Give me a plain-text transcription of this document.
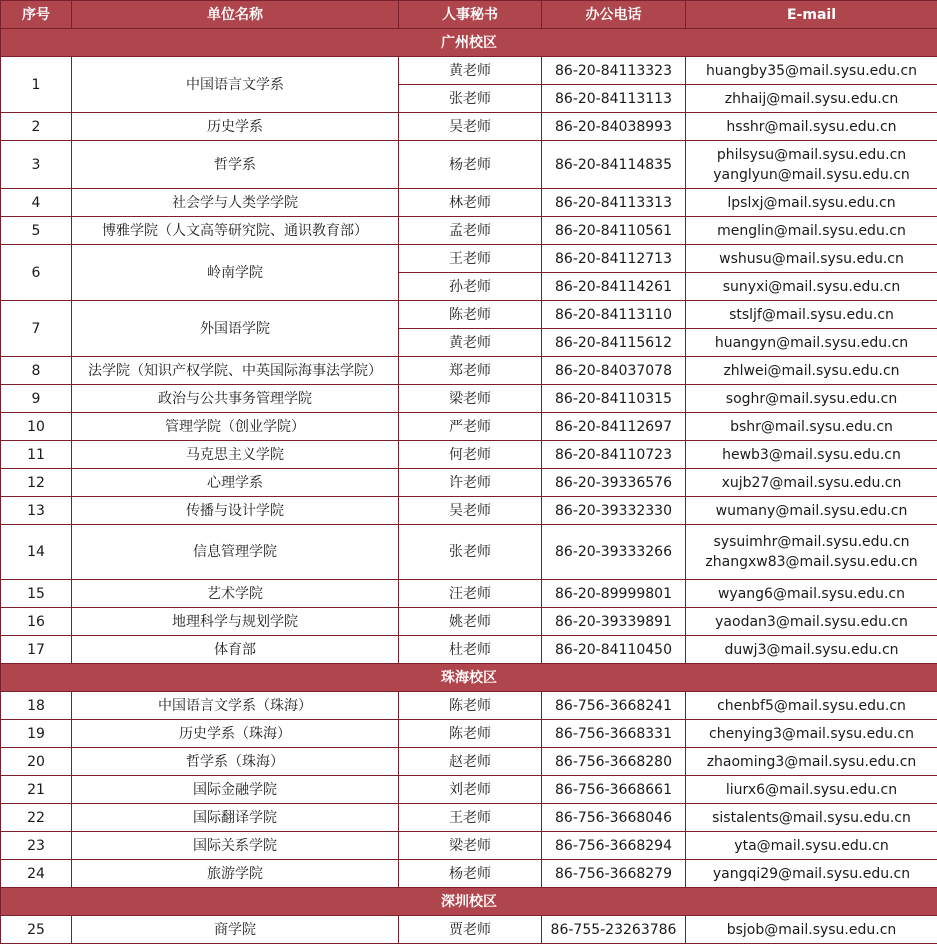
序号	单位名称	人事秘书	办公电话	E-mail
广州校区				
1	中国语言文学系	黄老师	86-20-84113323	huangby35@mail.sysu.edu.cn

		张老师	86-20-84113113	zhhaij@mail.sysu.edu.cn

2	历史学系	吴老师	86-20-84038993	hsshr@mail.sysu.edu.cn

3	哲学系	杨老师	86-20-84114835	philsysu@mail.sysu.edu.cn
yanglyun@mail.sysu.edu.cn

4	社会学与人类学学院	林老师	86-20-84113313	lpslxj@mail.sysu.edu.cn

5	博雅学院（人文高等研究院、通识教育部）	孟老师	86-20-84110561	menglin@mail.sysu.edu.cn

6	岭南学院	王老师	86-20-84112713	wshusu@mail.sysu.edu.cn

		孙老师	86-20-84114261	sunyxi@mail.sysu.edu.cn

7	外国语学院	陈老师	86-20-84113110	stsljf@mail.sysu.edu.cn

		黄老师	86-20-84115612	huangyn@mail.sysu.edu.cn

8	法学院（知识产权学院、中英国际海事法学院）	郑老师	86-20-84037078	zhlwei@mail.sysu.edu.cn

9	政治与公共事务管理学院	梁老师	86-20-84110315	soghr@mail.sysu.edu.cn

10	管理学院（创业学院）	严老师	86-20-84112697	bshr@mail.sysu.edu.cn

11	马克思主义学院	何老师	86-20-84110723	hewb3@mail.sysu.edu.cn

12	心理学系	许老师	86-20-39336576	xujb27@mail.sysu.edu.cn

13	传播与设计学院	吴老师	86-20-39332330	wumany@mail.sysu.edu.cn

14	信息管理学院	张老师	86-20-39333266	sysuimhr@mail.sysu.edu.cn
zhangxw83@mail.sysu.edu.cn

15	艺术学院	汪老师	86-20-89999801	wyang6@mail.sysu.edu.cn

16	地理科学与规划学院	姚老师	86-20-39339891	yaodan3@mail.sysu.edu.cn

17	体育部	杜老师	86-20-84110450	duwj3@mail.sysu.edu.cn

珠海校区				
18	中国语言文学系（珠海）	陈老师	86-756-3668241	chenbf5@mail.sysu.edu.cn

19	历史学系（珠海）	陈老师	86-756-3668331	chenying3@mail.sysu.edu.cn

20	哲学系（珠海）	赵老师	86-756-3668280	zhaoming3@mail.sysu.edu.cn

21	国际金融学院	刘老师	86-756-3668661	liurx6@mail.sysu.edu.cn

22	国际翻译学院	王老师	86-756-3668046	sistalents@mail.sysu.edu.cn

23	国际关系学院	梁老师	86-756-3668294	yta@mail.sysu.edu.cn

24	旅游学院	杨老师	86-756-3668279	yangqi29@mail.sysu.edu.cn

深圳校区				
25	商学院	贾老师	86-755-23263786	bsjob@mail.sysu.edu.cn
